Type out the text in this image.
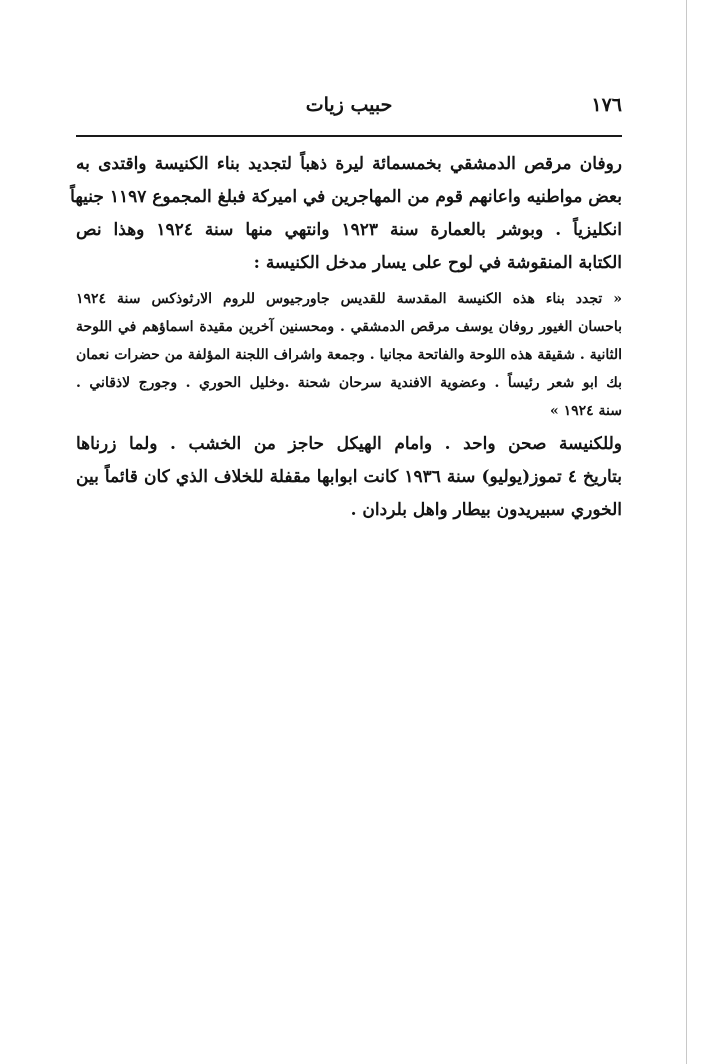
١٧٦
حبيب زيات
روفان مرقص الدمشقي بخمسمائة ليرة ذهباً لتجديد بناء الكنيسة واقتدى به
بعض مواطنيه واعانهم قوم من المهاجرين في اميركة فبلغ المجموع ١١٩٧ جنيهاً
انكليزياً . وبوشر بالعمارة سنة ١٩٢٣ وانتهي منها سنة ١٩٢٤ وهذا نص
الكتابة المنقوشة في لوح على يسار مدخل الكنيسة :
« تجدد بناء هذه الكنيسة المقدسة للقديس جاورجيوس للروم الارثوذكس سنة ١٩٢٤
باحسان الغيور روفان يوسف مرقص الدمشقي . ومحسنين آخرين مقيدة اسماؤهم في اللوحة
الثانية . شقيقة هذه اللوحة والفاتحة مجانيا . وجمعة واشراف اللجنة المؤلفة من حضرات نعمان
بك ابو شعر رئيساً . وعضوية الافندية سرحان شحنة .وخليل الحوري . وجورج لاذقاني .
سنة ١٩٢٤ »
وللكنيسة صحن واحد . وامام الهيكل حاجز من الخشب . ولما زرناها
بتاريخ ٤ تموز(يوليو) سنة ١٩٣٦ كانت ابوابها مقفلة للخلاف الذي كان قائماً بين
الخوري سبيريدون بيطار واهل بلردان .
